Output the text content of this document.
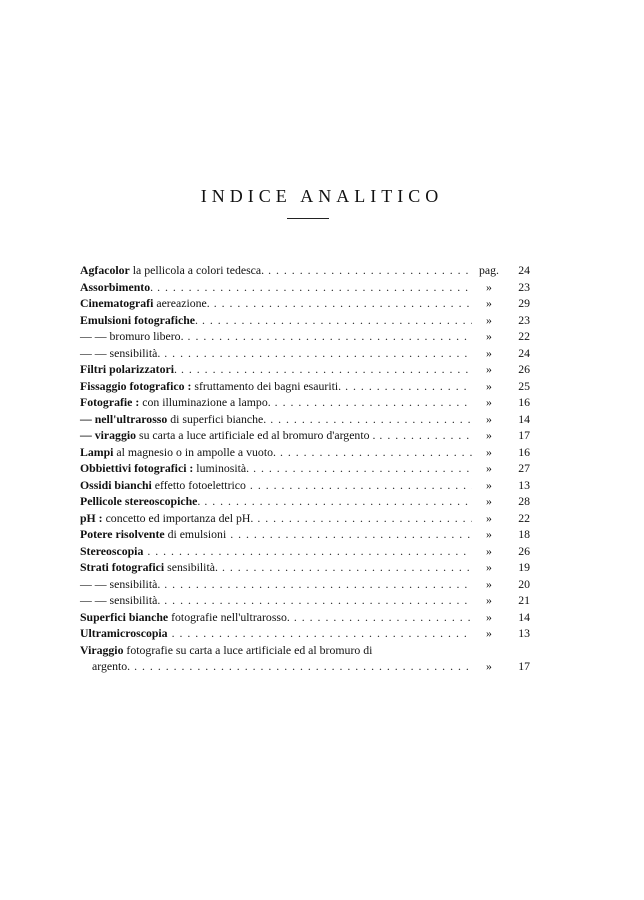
INDICE ANALITICO
Agfacolor la pellicola a colori tedesca. . . .	pag.	24
Assorbimento. . . .	»	23
Cinematografi aereazione. . . .	»	29
Emulsioni fotografiche. . . .	»	23
— — bromuro libero. . . .	»	22
— — sensibilità. . . .	»	24
Filtri polarizzatori. . . .	»	26
Fissaggio fotografico : sfruttamento dei bagni esauriti. . . .	»	25
Fotografie : con illuminazione a lampo. . . .	»	16
— nell'ultrarosso di superfici bianche. . . .	»	14
— viraggio su carta a luce artificiale ed al bromuro d'argento . . . .	»	17
Lampi al magnesio o in ampolle a vuoto. . . .	»	16
Obbiettivi fotografici : luminosità. . . .	»	27
Ossidi bianchi effetto fotoelettrico . . .	»	13
Pellicole stereoscopiche. . . .	»	28
pH : concetto ed importanza del pH. . . .	»	22
Potere risolvente di emulsioni . . .	»	18
Stereoscopia . . .	»	26
Strati fotografici sensibilità. . . .	»	19
— — sensibilità. . . .	»	20
— — sensibilità. . . .	»	21
Superfici bianche fotografie nell'ultrarosso. . . .	»	14
Ultramicroscopia . . .	»	13
Viraggio fotografie su carta a luce artificiale ed al bromuro di
argento. . . .	»	17
